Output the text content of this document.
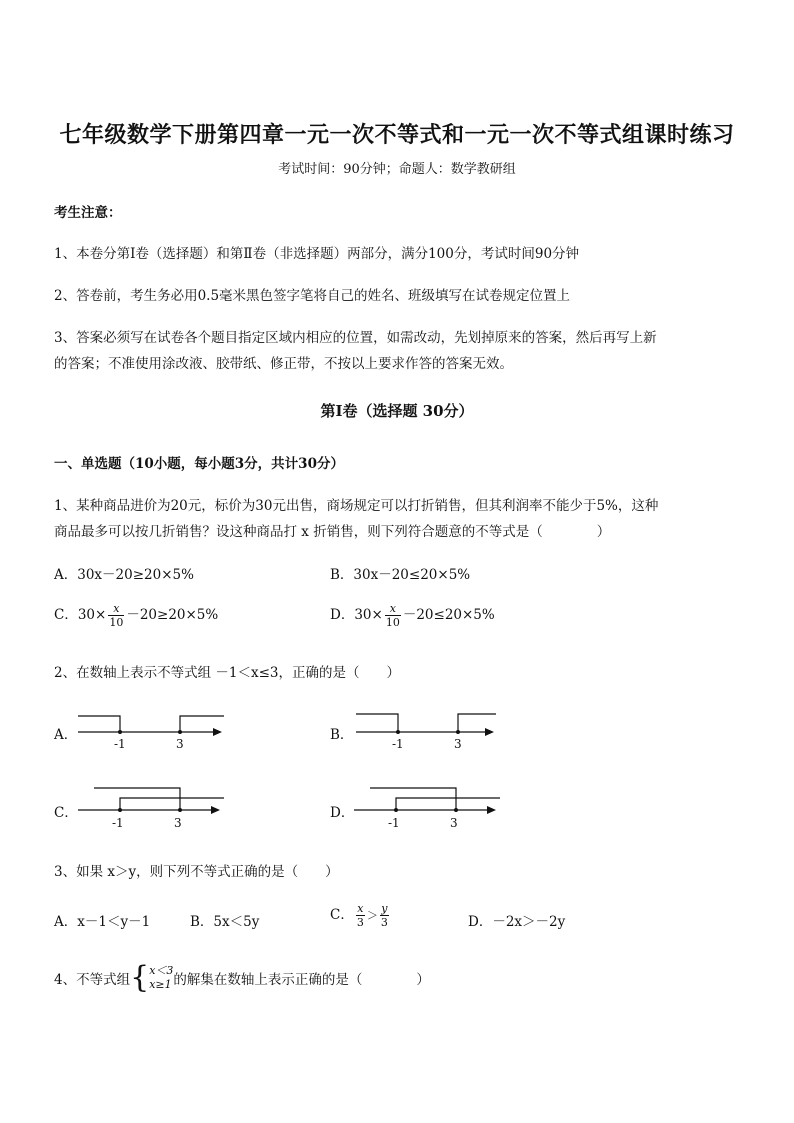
七年级数学下册第四章一元一次不等式和一元一次不等式组课时练习
考试时间：90分钟；命题人：数学教研组
考生注意：
1、本卷分第Ⅰ卷（选择题）和第Ⅱ卷（非选择题）两部分，满分100分，考试时间90分钟
2、答卷前，考生务必用0.5毫米黑色签字笔将自己的姓名、班级填写在试卷规定位置上
3、答案必须写在试卷各个题目指定区域内相应的位置，如需改动，先划掉原来的答案，然后再写上新
的答案；不准使用涂改液、胶带纸、修正带，不按以上要求作答的答案无效。
第Ⅰ卷（选择题 30分）
一、单选题（10小题，每小题3分，共计30分）
1、某种商品进价为20元，标价为30元出售，商场规定可以打折销售，但其利润率不能少于5%，这种
商品最多可以按几折销售？设这种商品打 x 折销售，则下列符合题意的不等式是（　　　　）
A．30x－20≥20×5%	B．30x－20≤20×5%
C．$30\times \frac{x}{10} -20\ge 20\times 5\%$	D．$30\times \frac{x}{10} -20\le 20\times 5\%$
2、在数轴上表示不等式组 －1＜x≤3，正确的是（　　）
A．
-1	3
B．
-1	3
C．
-1	3
D．
-1	3
3、如果 x＞y，则下列不等式正确的是（　　）
A．x－1＜y－1	B．5x＜5y	C． $\frac{x}{3} > \frac{y}{3}$	D．－2x＞－2y
4、不等式组{ x＜3
x≥1 的解集在数轴上表示正确的是（　　　　）
